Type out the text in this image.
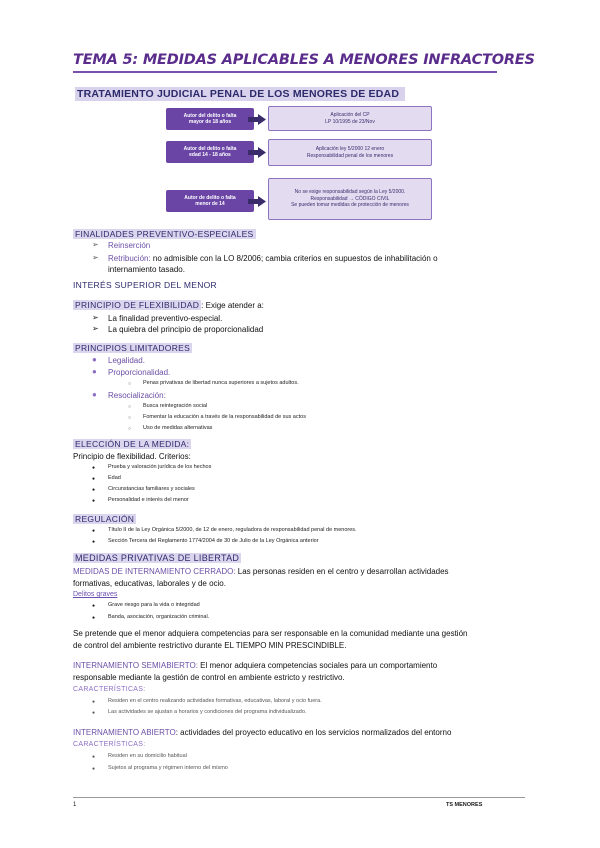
TEMA 5: MEDIDAS APLICABLES A MENORES INFRACTORES
TRATAMIENTO JUDICIAL PENAL DE LOS MENORES DE EDAD
Autor del delito o falta
mayor de 18 años
Aplicación del CP
LP 10/1995 de 23/Nov
Autor del delito o falta
edad 14 - 18 años
Aplicación ley 5/2000 12 enero
Responsabilidad penal de los menores
Autor de delito o falta
menor de 14
No se exige responsabilidad según la Ley 5/2000.
Responsabilidad → CÓDIGO CIVIL
Se pueden tomar medidas de protección de menores
FINALIDADES PREVENTIVO-ESPECIALES
➢ Reinserción
➢ Retribución: no admisible con la LO 8/2006; cambia criterios en supuestos de inhabilitación o
internamiento tasado.
INTERÉS SUPERIOR DEL MENOR
PRINCIPIO DE FLEXIBILIDAD : Exige atender a:
➢ La finalidad preventivo-especial.
➢ La quiebra del principio de proporcionalidad
PRINCIPIOS LIMITADORES
● Legalidad.
● Proporcionalidad.
○ Penas privativas de libertad nunca superiores a sujetos adultos.
● Resocialización:
○ Busca reintegración social
○ Fomentar la educación a través de la responsabilidad de sus actos
○ Uso de medidas alternativas
ELECCIÓN DE LA MEDIDA:
Principio de flexibilidad. Criterios:
● Prueba y valoración jurídica de los hechos
● Edad
● Circunstancias familiares y sociales
● Personalidad e interés del menor
REGULACIÓN
● Título II de la Ley Orgánica 5/2000, de 12 de enero, reguladora de responsabilidad penal de menores.
● Sección Tercera del Reglamento 1774/2004 de 30 de Julio de la Ley Orgánica anterior
MEDIDAS PRIVATIVAS DE LIBERTAD
MEDIDAS DE INTERNAMIENTO CERRADO: Las personas residen en el centro y desarrollan actividades
formativas, educativas, laborales y de ocio.
Delitos graves
● Grave riesgo para la vida o integridad
● Banda, asociación, organización criminal.
Se pretende que el menor adquiera competencias para ser responsable en la comunidad mediante una gestión
de control del ambiente restrictivo durante EL TIEMPO MIN PRESCINDIBLE.
INTERNAMIENTO SEMIABIERTO: El menor adquiera competencias sociales para un comportamiento
responsable mediante la gestión de control en ambiente estricto y restrictivo.
CARACTERÍSTICAS:
● Residen en el centro realizando actividades formativas, educativas, laboral y ocio fuera.
● Las actividades se ajustan a horarios y condiciones del programa individualizado.
INTERNAMIENTO ABIERTO: actividades del proyecto educativo en los servicios normalizados del entorno
CARACTERÍSTICAS:
● Residen en su domicilio habitual
● Sujetos al programa y régimen interno del mismo
1	TS MENORES
